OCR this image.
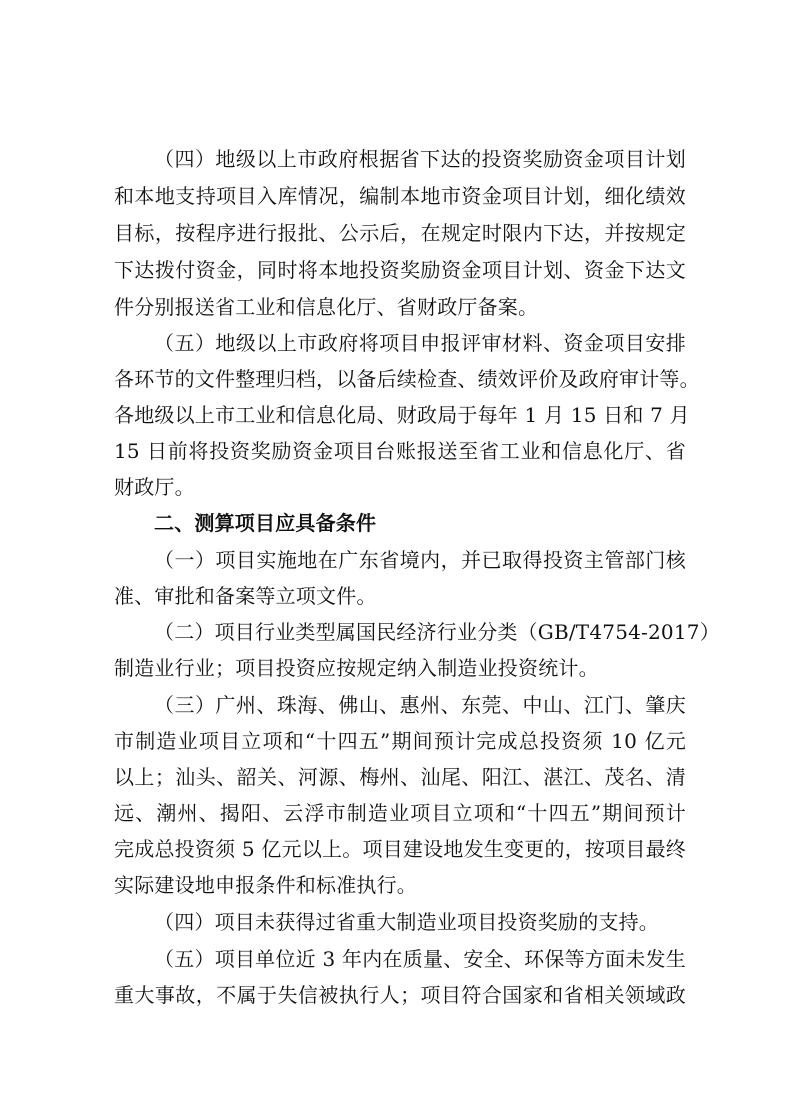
（四）地级以上市政府根据省下达的投资奖励资金项目计划
和本地支持项目入库情况，编制本地市资金项目计划，细化绩效
目标，按程序进行报批、公示后，在规定时限内下达，并按规定
下达拨付资金，同时将本地投资奖励资金项目计划、资金下达文
件分别报送省工业和信息化厅、省财政厅备案。
（五）地级以上市政府将项目申报评审材料、资金项目安排
各环节的文件整理归档，以备后续检查、绩效评价及政府审计等。
各地级以上市工业和信息化局、财政局于每年 1 月 15 日和 7 月
15 日前将投资奖励资金项目台账报送至省工业和信息化厅、省
财政厅。
二、测算项目应具备条件
（一）项目实施地在广东省境内，并已取得投资主管部门核
准、审批和备案等立项文件。
（二）项目行业类型属国民经济行业分类（GB/T4754-2017）
制造业行业；项目投资应按规定纳入制造业投资统计。
（三）广州、珠海、佛山、惠州、东莞、中山、江门、肇庆
市制造业项目立项和“十四五”期间预计完成总投资须 10 亿元
以上；汕头、韶关、河源、梅州、汕尾、阳江、湛江、茂名、清
远、潮州、揭阳、云浮市制造业项目立项和“十四五”期间预计
完成总投资须 5 亿元以上。项目建设地发生变更的，按项目最终
实际建设地申报条件和标准执行。
（四）项目未获得过省重大制造业项目投资奖励的支持。
（五）项目单位近 3 年内在质量、安全、环保等方面未发生
重大事故，不属于失信被执行人；项目符合国家和省相关领域政
